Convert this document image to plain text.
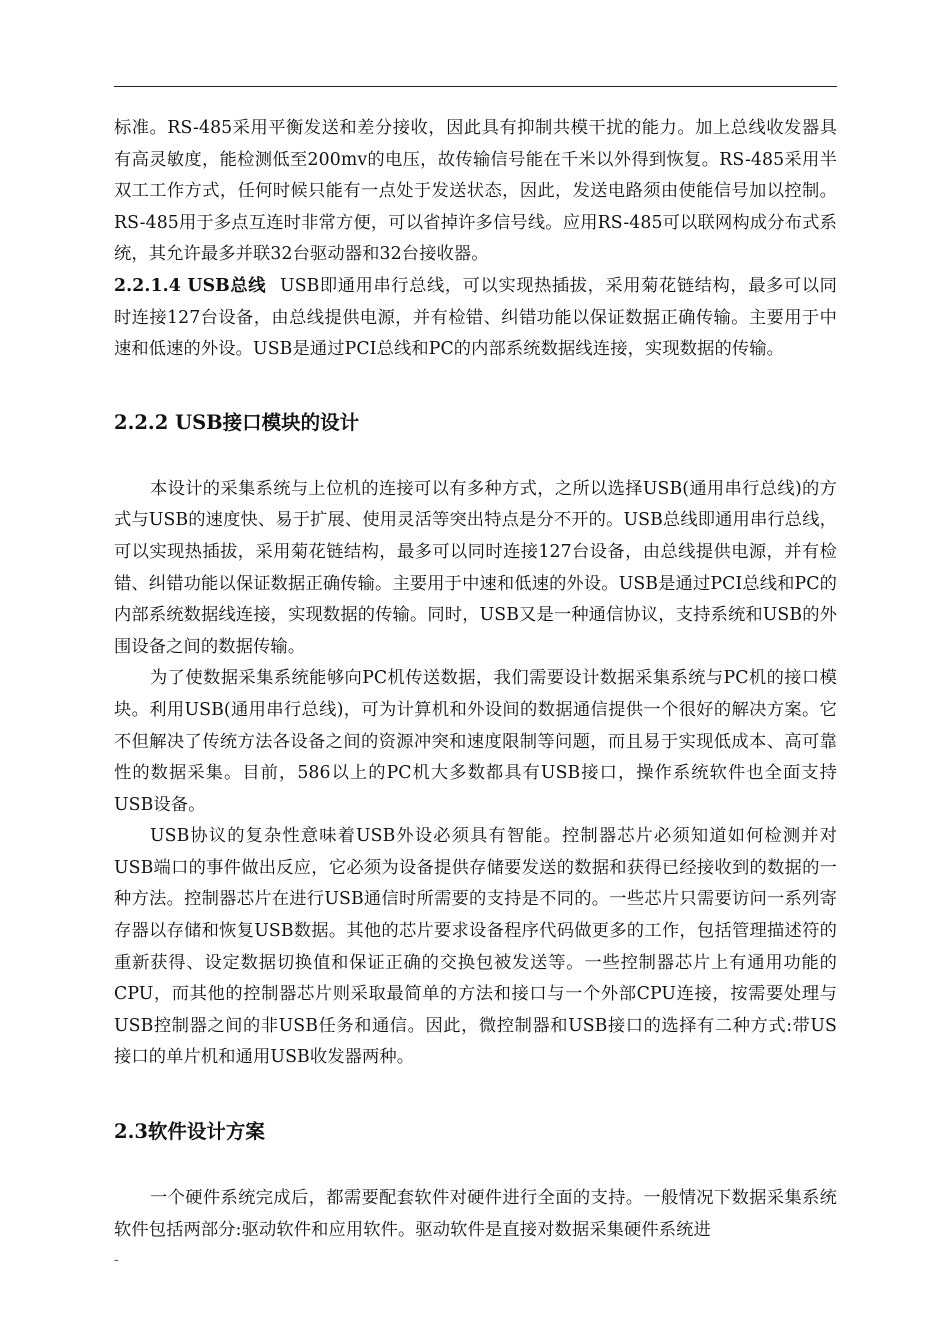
标准。RS-485采用平衡发送和差分接收，因此具有抑制共模干扰的能力。加上总线收发器具有高灵敏度，能检测低至200mv的电压，故传输信号能在千米以外得到恢复。RS-485采用半双工工作方式，任何时候只能有一点处于发送状态，因此，发送电路须由使能信号加以控制。RS-485用于多点互连时非常方便，可以省掉许多信号线。应用RS-485可以联网构成分布式系统，其允许最多并联32台驱动器和32台接收器。

2.2.1.4 USB总线 USB即通用串行总线，可以实现热插拔，采用菊花链结构，最多可以同时连接127台设备，由总线提供电源，并有检错、纠错功能以保证数据正确传输。主要用于中速和低速的外设。USB是通过PCI总线和PC的内部系统数据线连接，实现数据的传输。

2.2.2 USB接口模块的设计

本设计的采集系统与上位机的连接可以有多种方式，之所以选择USB(通用串行总线)的方式与USB的速度快、易于扩展、使用灵活等突出特点是分不开的。USB总线即通用串行总线，可以实现热插拔，采用菊花链结构，最多可以同时连接127台设备，由总线提供电源，并有检错、纠错功能以保证数据正确传输。主要用于中速和低速的外设。USB是通过PCI总线和PC的内部系统数据线连接，实现数据的传输。同时，USB又是一种通信协议，支持系统和USB的外围设备之间的数据传输。

为了使数据采集系统能够向PC机传送数据，我们需要设计数据采集系统与PC机的接口模块。利用USB(通用串行总线)，可为计算机和外设间的数据通信提供一个很好的解决方案。它不但解决了传统方法各设备之间的资源冲突和速度限制等问题，而且易于实现低成本、高可靠性的数据采集。目前，586以上的PC机大多数都具有USB接口，操作系统软件也全面支持USB设备。

USB协议的复杂性意味着USB外设必须具有智能。控制器芯片必须知道如何检测并对USB端口的事件做出反应，它必须为设备提供存储要发送的数据和获得已经接收到的数据的一种方法。控制器芯片在进行USB通信时所需要的支持是不同的。一些芯片只需要访问一系列寄存器以存储和恢复USB数据。其他的芯片要求设备程序代码做更多的工作，包括管理描述符的重新获得、设定数据切换值和保证正确的交换包被发送等。一些控制器芯片上有通用功能的CPU，而其他的控制器芯片则采取最简单的方法和接口与一个外部CPU连接，按需要处理与USB控制器之间的非USB任务和通信。因此，微控制器和USB接口的选择有二种方式:带US接口的单片机和通用USB收发器两种。

2.3软件设计方案

一个硬件系统完成后，都需要配套软件对硬件进行全面的支持。一般情况下数据采集系统软件包括两部分:驱动软件和应用软件。驱动软件是直接对数据采集硬件系统进

-
